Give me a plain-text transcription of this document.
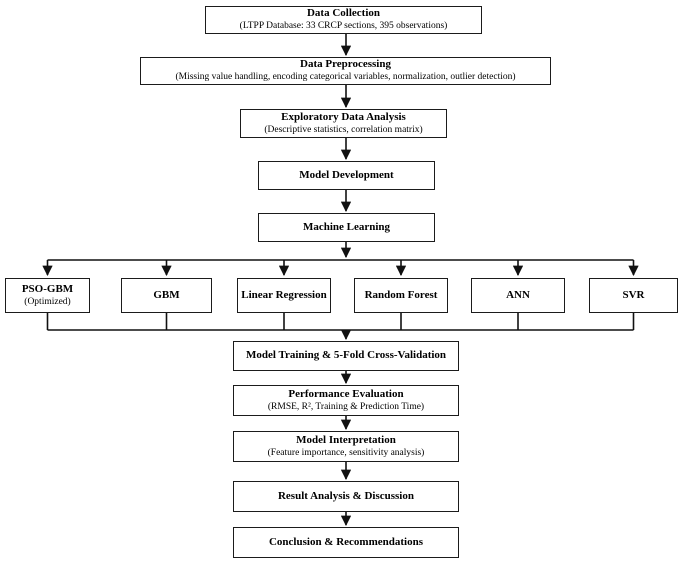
Data Collection
(LTPP Database: 33 CRCP sections, 395 observations)
Data Preprocessing
(Missing value handling, encoding categorical variables, normalization, outlier detection)
Exploratory Data Analysis
(Descriptive statistics, correlation matrix)
Model Development
Machine Learning
PSO-GBM
(Optimized)
GBM	Linear Regression	Random Forest	ANN	SVR
Model Training & 5-Fold Cross-Validation
Performance Evaluation
(RMSE, R², Training & Prediction Time)
Model Interpretation
(Feature importance, sensitivity analysis)
Result Analysis & Discussion
Conclusion & Recommendations
